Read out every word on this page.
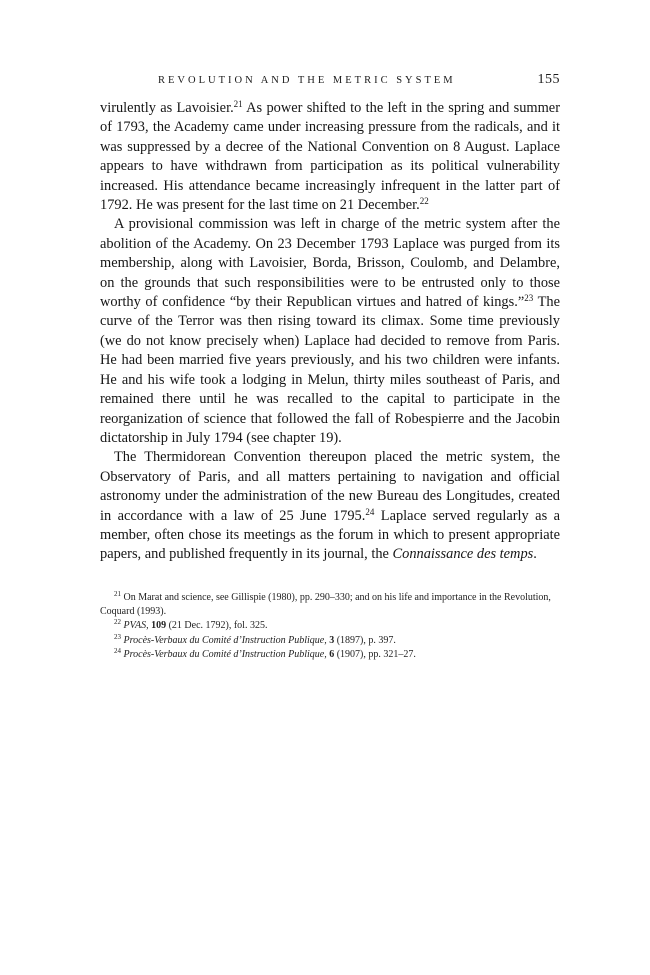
REVOLUTION AND THE METRIC SYSTEM	155

virulently as Lavoisier.$^{21}$ As power shifted to the left in the spring and summer of 1793, the Academy came under increasing pressure from the radicals, and it was suppressed by a decree of the National Convention on 8 August. Laplace appears to have withdrawn from participation as its political vulnerability increased. His attendance became increasingly infrequent in the latter part of 1792. He was present for the last time on 21 December.$^{22}$

A provisional commission was left in charge of the metric system after the abolition of the Academy. On 23 December 1793 Laplace was purged from its membership, along with Lavoisier, Borda, Brisson, Coulomb, and Delambre, on the grounds that such responsibilities were to be entrusted only to those worthy of confidence “by their Republican virtues and hatred of kings.”$^{23}$ The curve of the Terror was then rising toward its climax. Some time previously (we do not know precisely when) Laplace had decided to remove from Paris. He had been married five years previously, and his two children were infants. He and his wife took a lodging in Melun, thirty miles southeast of Paris, and remained there until he was recalled to the capital to participate in the reorganization of science that followed the fall of Robespierre and the Jacobin dictatorship in July 1794 (see chapter 19).

The Thermidorean Convention thereupon placed the metric system, the Observatory of Paris, and all matters pertaining to navigation and official astronomy under the administration of the new Bureau des Longitudes, created in accordance with a law of 25 June 1795.24 Laplace served regularly as a member, often chose its meetings as the forum in which to present appropriate papers, and published frequently in its journal, the Connaissance des temps.

$^{21}$ On Marat and science, see Gillispie (1980), pp. 290–330; and on his life and importance in the Revolution, Coquard (1993).

$^{22}$ PVAS, 109 (21 Dec. 1792), fol. 325.

$^{23}$ Procès-Verbaux du Comité d’Instruction Publique, 3 (1897), p. 397.

$^{24}$ Procès-Verbaux du Comité d’Instruction Publique, 6 (1907), pp. 321–27.
